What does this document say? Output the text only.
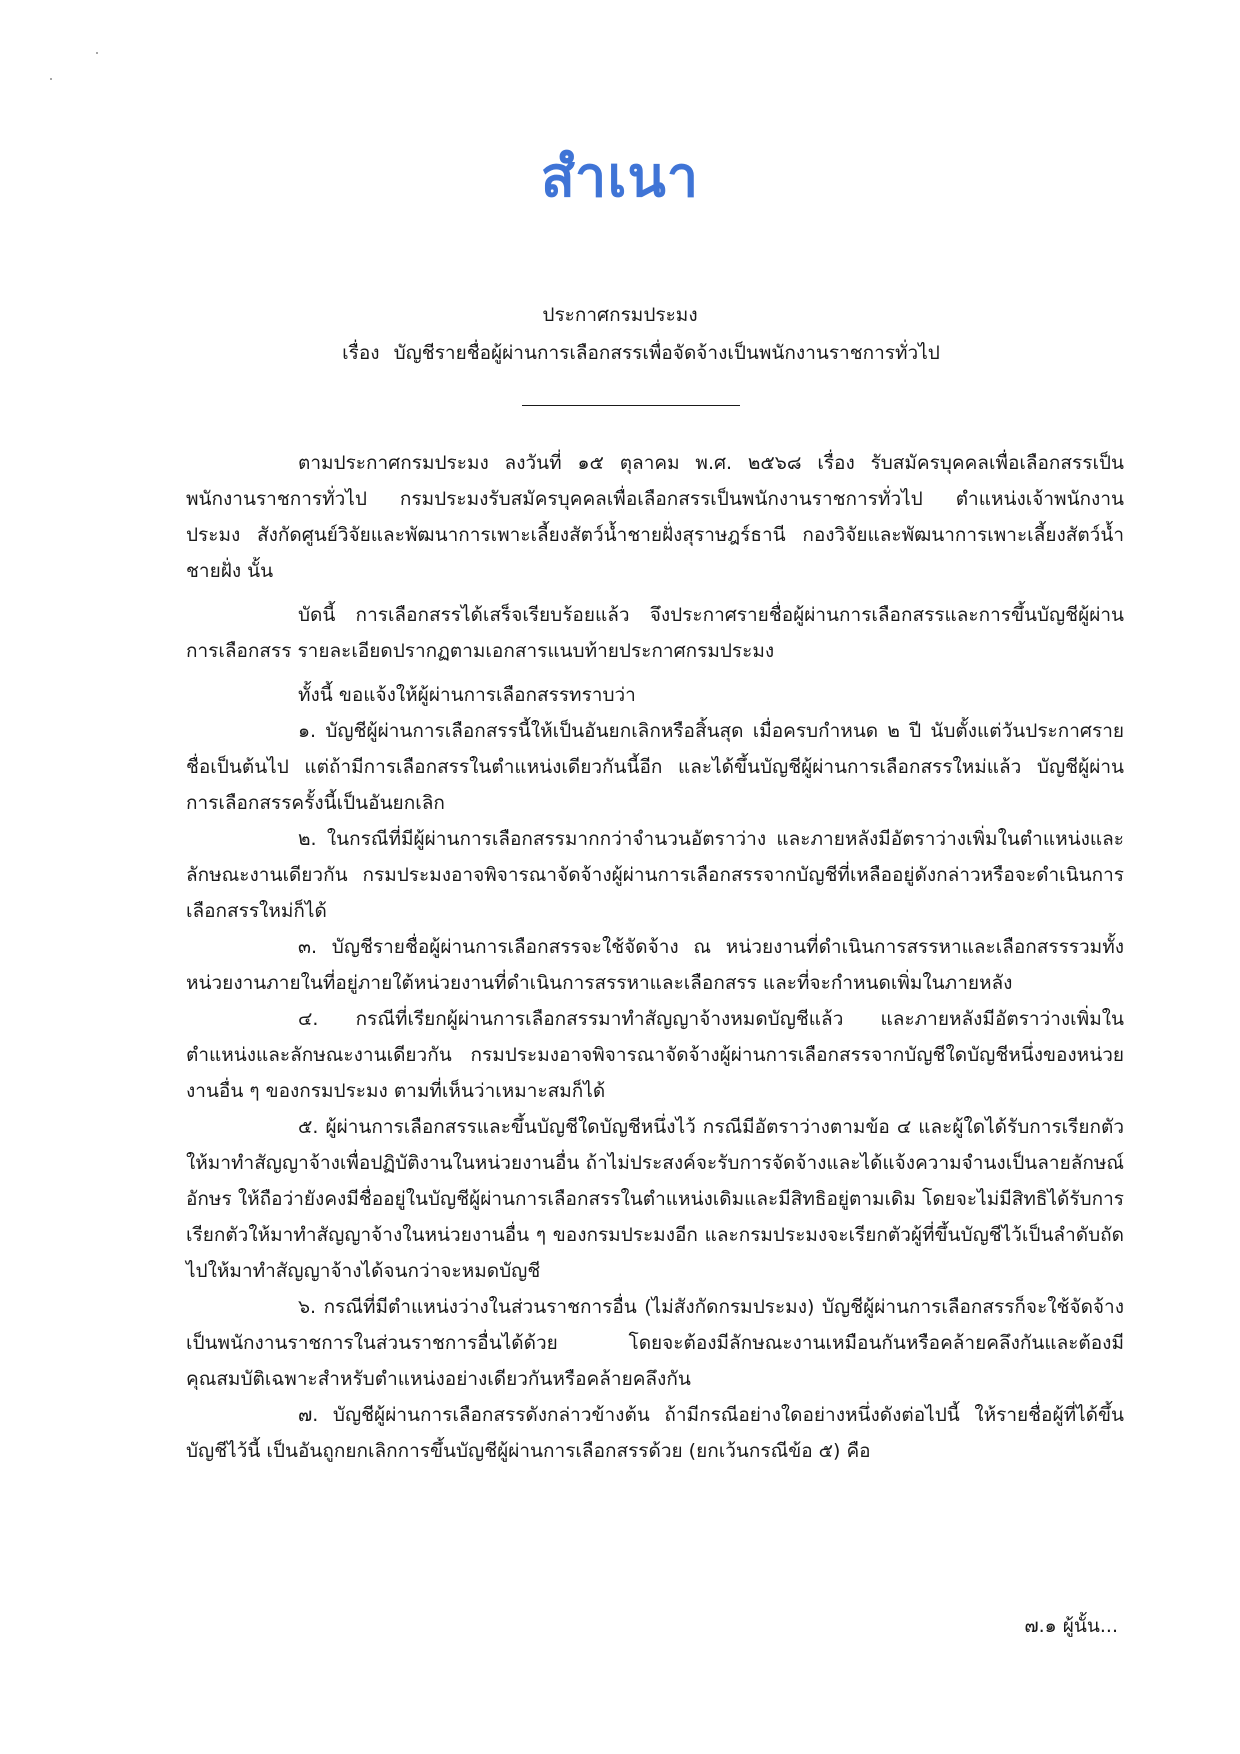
สำเนา
ประกาศกรมประมง
เรื่อง บัญชีรายชื่อผู้ผ่านการเลือกสรรเพื่อจัดจ้างเป็นพนักงานราชการทั่วไป

ตามประกาศกรมประมง ลงวันที่ ๑๕ ตุลาคม พ.ศ. ๒๕๖๘ เรื่อง รับสมัครบุคคลเพื่อเลือกสรรเป็นพนักงานราชการทั่วไป กรมประมงรับสมัครบุคคลเพื่อเลือกสรรเป็นพนักงานราชการทั่วไป ตำแหน่งเจ้าพนักงานประมง สังกัดศูนย์วิจัยและพัฒนาการเพาะเลี้ยงสัตว์น้ำชายฝั่งสุราษฎร์ธานี กองวิจัยและพัฒนาการเพาะเลี้ยงสัตว์น้ำชายฝั่ง นั้น

บัดนี้ การเลือกสรรได้เสร็จเรียบร้อยแล้ว จึงประกาศรายชื่อผู้ผ่านการเลือกสรรและการขึ้นบัญชีผู้ผ่านการเลือกสรร รายละเอียดปรากฏตามเอกสารแนบท้ายประกาศกรมประมง

ทั้งนี้ ขอแจ้งให้ผู้ผ่านการเลือกสรรทราบว่า

๑. บัญชีผู้ผ่านการเลือกสรรนี้ให้เป็นอันยกเลิกหรือสิ้นสุด เมื่อครบกำหนด ๒ ปี นับตั้งแต่วันประกาศรายชื่อเป็นต้นไป แต่ถ้ามีการเลือกสรรในตำแหน่งเดียวกันนี้อีก และได้ขึ้นบัญชีผู้ผ่านการเลือกสรรใหม่แล้ว บัญชีผู้ผ่านการเลือกสรรครั้งนี้เป็นอันยกเลิก

๒. ในกรณีที่มีผู้ผ่านการเลือกสรรมากกว่าจำนวนอัตราว่าง และภายหลังมีอัตราว่างเพิ่มในตำแหน่งและลักษณะงานเดียวกัน กรมประมงอาจพิจารณาจัดจ้างผู้ผ่านการเลือกสรรจากบัญชีที่เหลืออยู่ดังกล่าวหรือจะดำเนินการเลือกสรรใหม่ก็ได้

๓. บัญชีรายชื่อผู้ผ่านการเลือกสรรจะใช้จัดจ้าง ณ หน่วยงานที่ดำเนินการสรรหาและเลือกสรรรวมทั้งหน่วยงานภายในที่อยู่ภายใต้หน่วยงานที่ดำเนินการสรรหาและเลือกสรร และที่จะกำหนดเพิ่มในภายหลัง

๔. กรณีที่เรียกผู้ผ่านการเลือกสรรมาทำสัญญาจ้างหมดบัญชีแล้ว และภายหลังมีอัตราว่างเพิ่มในตำแหน่งและลักษณะงานเดียวกัน กรมประมงอาจพิจารณาจัดจ้างผู้ผ่านการเลือกสรรจากบัญชีใดบัญชีหนึ่งของหน่วยงานอื่น ๆ ของกรมประมง ตามที่เห็นว่าเหมาะสมก็ได้

๕. ผู้ผ่านการเลือกสรรและขึ้นบัญชีใดบัญชีหนึ่งไว้ กรณีมีอัตราว่างตามข้อ ๔ และผู้ใดได้รับการเรียกตัวให้มาทำสัญญาจ้างเพื่อปฏิบัติงานในหน่วยงานอื่น ถ้าไม่ประสงค์จะรับการจัดจ้างและได้แจ้งความจำนงเป็นลายลักษณ์อักษร ให้ถือว่ายังคงมีชื่ออยู่ในบัญชีผู้ผ่านการเลือกสรรในตำแหน่งเดิมและมีสิทธิอยู่ตามเดิม โดยจะไม่มีสิทธิได้รับการเรียกตัวให้มาทำสัญญาจ้างในหน่วยงานอื่น ๆ ของกรมประมงอีก และกรมประมงจะเรียกตัวผู้ที่ขึ้นบัญชีไว้เป็นลำดับถัดไปให้มาทำสัญญาจ้างได้จนกว่าจะหมดบัญชี

๖. กรณีที่มีตำแหน่งว่างในส่วนราชการอื่น (ไม่สังกัดกรมประมง) บัญชีผู้ผ่านการเลือกสรรก็จะใช้จัดจ้างเป็นพนักงานราชการในส่วนราชการอื่นได้ด้วย โดยจะต้องมีลักษณะงานเหมือนกันหรือคล้ายคลึงกันและต้องมีคุณสมบัติเฉพาะสำหรับตำแหน่งอย่างเดียวกันหรือคล้ายคลึงกัน

๗. บัญชีผู้ผ่านการเลือกสรรดังกล่าวข้างต้น ถ้ามีกรณีอย่างใดอย่างหนึ่งดังต่อไปนี้ ให้รายชื่อผู้ที่ได้ขึ้นบัญชีไว้นี้ เป็นอันถูกยกเลิกการขึ้นบัญชีผู้ผ่านการเลือกสรรด้วย (ยกเว้นกรณีข้อ ๕) คือ

๗.๑ ผู้นั้น...
